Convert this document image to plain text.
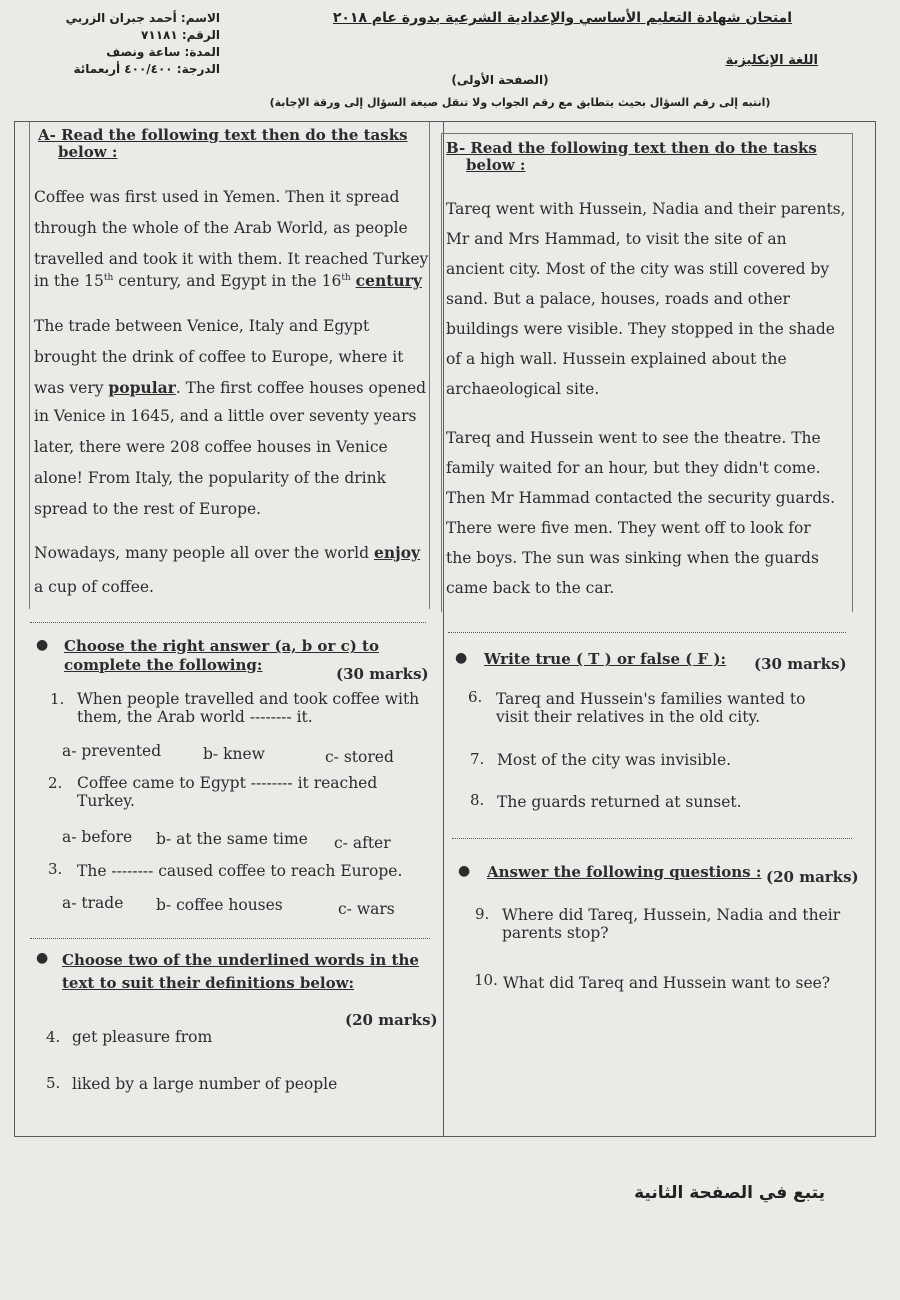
الاسم: أحمد جبران الزربي
الرقم: ٧١١٨١
المدة: ساعة ونصف
الدرجة: ٤٠٠/٤٠٠ أربعمائة
امتحان شهادة التعليم الأساسي والإعدادية الشرعية بدورة عام ٢٠١٨
اللغة الإنكليزية
(الصفحة الأولى)
(انتبه إلى رقم السؤال بحيث يتطابق مع رقم الجواب ولا تنقل صيغة السؤال إلى ورقة الإجابة)
A- Read the following text then do the tasks
below :
Coffee was first used in Yemen. Then it spread
through the whole of the Arab World, as people
travelled and took it with them. It reached Turkey
in the 15th century, and Egypt in the 16th century
The trade between Venice, Italy and Egypt
brought the drink of coffee to Europe, where it
was very popular. The first coffee houses opened
in Venice in 1645, and a little over seventy years
later, there were 208 coffee houses in Venice
alone! From Italy, the popularity of the drink
spread to the rest of Europe.
Nowadays, many people all over the world enjoy
a cup of coffee.
● Choose the right answer (a, b or c) to
complete the following:	(30 marks)
1. When people travelled and took coffee with
them, the Arab world -------- it.
a- prevented	b- knew	c- stored
2. Coffee came to Egypt -------- it reached
Turkey.
a- before b- at the same time c- after
3. The -------- caused coffee to reach Europe.
a- trade b- coffee houses	c- wars
● Choose two of the underlined words in the
text to suit their definitions below:
(20 marks)
4. get pleasure from
5. liked by a large number of people
B- Read the following text then do the tasks
below :
Tareq went with Hussein, Nadia and their parents,
Mr and Mrs Hammad, to visit the site of an
ancient city. Most of the city was still covered by
sand. But a palace, houses, roads and other
buildings were visible. They stopped in the shade
of a high wall. Hussein explained about the
archaeological site.
Tareq and Hussein went to see the theatre. The
family waited for an hour, but they didn't come.
Then Mr Hammad contacted the security guards.
There were five men. They went off to look for
the boys. The sun was sinking when the guards
came back to the car.
● Write true ( T ) or false ( F ): (30 marks)
6. Tareq and Hussein's families wanted to
visit their relatives in the old city.
7. Most of the city was invisible.
8. The guards returned at sunset.
● Answer the following questions : (20 marks)
9. Where did Tareq, Hussein, Nadia and their
parents stop?
10. What did Tareq and Hussein want to see?
يتبع في الصفحة الثانية
